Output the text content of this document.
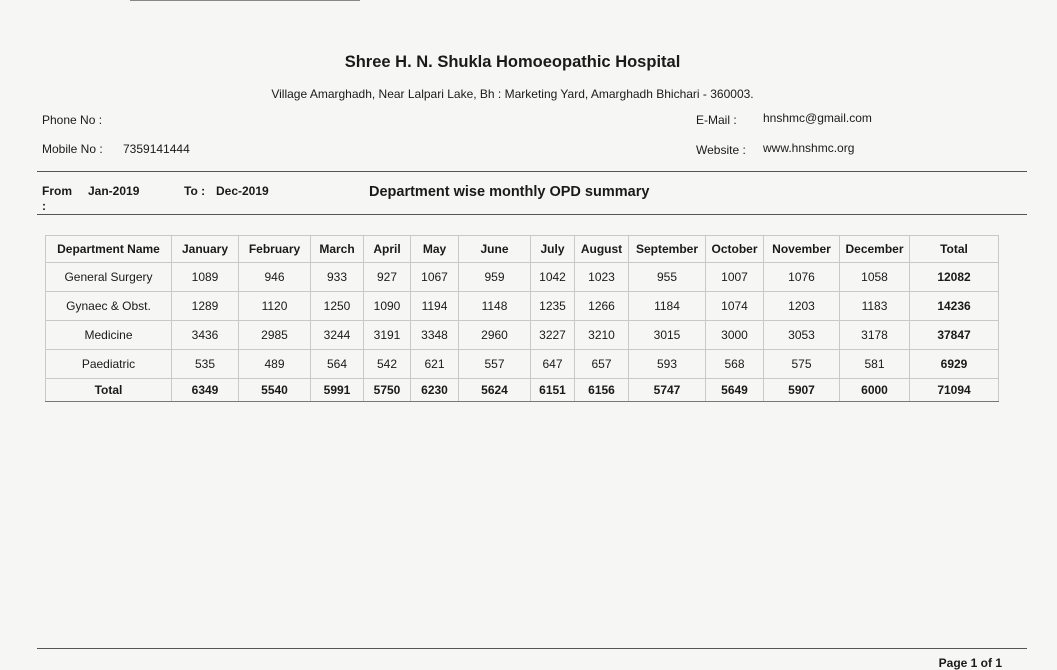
Shree H. N. Shukla Homoeopathic Hospital
Village Amarghadh, Near Lalpari Lake, Bh : Marketing Yard, Amarghadh Bhichari - 360003.
Phone No :
Mobile No : 7359141444
E-Mail : hnshmc@gmail.com
Website : www.hnshmc.org
From
:
Jan-2019	To : Dec-2019	Department wise monthly OPD summary
Department Name	January	February	March	April	May	June	July	August	September	October	November	December	Total
General Surgery	1089	946	933	927	1067	959	1042	1023	955	1007	1076	1058	12082
Gynaec & Obst.	1289	1120	1250	1090	1194	1148	1235	1266	1184	1074	1203	1183	14236
Medicine	3436	2985	3244	3191	3348	2960	3227	3210	3015	3000	3053	3178	37847
Paediatric	535	489	564	542	621	557	647	657	593	568	575	581	6929
Total	6349	5540	5991	5750	6230	5624	6151	6156	5747	5649	5907	6000	71094
Page 1 of 1
